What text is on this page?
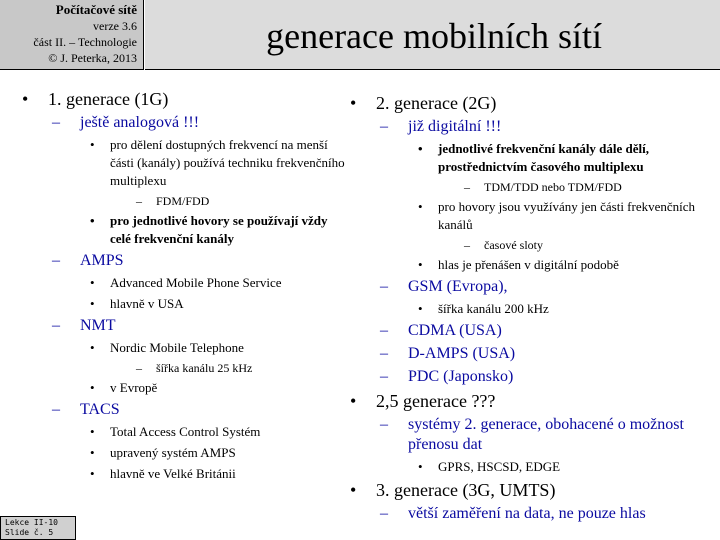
Počítačové sítě
verze 3.6
část II. – Technologie
© J. Peterka, 2013
generace mobilních sítí
• 1. generace (1G)
– ještě analogová !!!
• pro dělení dostupných frekvencí na menší části (kanály) používá techniku frekvenčního multiplexu
– FDM/FDD
• pro jednotlivé hovory se používají vždy celé frekvenční kanály
– AMPS
• Advanced Mobile Phone Service
• hlavně v USA
– NMT
• Nordic Mobile Telephone
– šířka kanálu 25 kHz
• v Evropě
– TACS
• Total Access Control Systém
• upravený systém AMPS
• hlavně ve Velké Británii
• 2. generace (2G)
– již digitální !!!
• jednotlivé frekvenční kanály dále dělí, prostřednictvím časového multiplexu
– TDM/TDD nebo TDM/FDD
• pro hovory jsou využívány jen části frekvenčních kanálů
– časové sloty
• hlas je přenášen v digitální podobě
– GSM (Evropa),
• šířka kanálu 200 kHz
– CDMA (USA)
– D-AMPS (USA)
– PDC (Japonsko)
• 2,5 generace ???
– systémy 2. generace, obohacené o možnost přenosu dat
• GPRS, HSCSD, EDGE
• 3. generace (3G, UMTS)
– větší zaměření na data, ne pouze hlas
Lekce II-10
Slide č. 5
